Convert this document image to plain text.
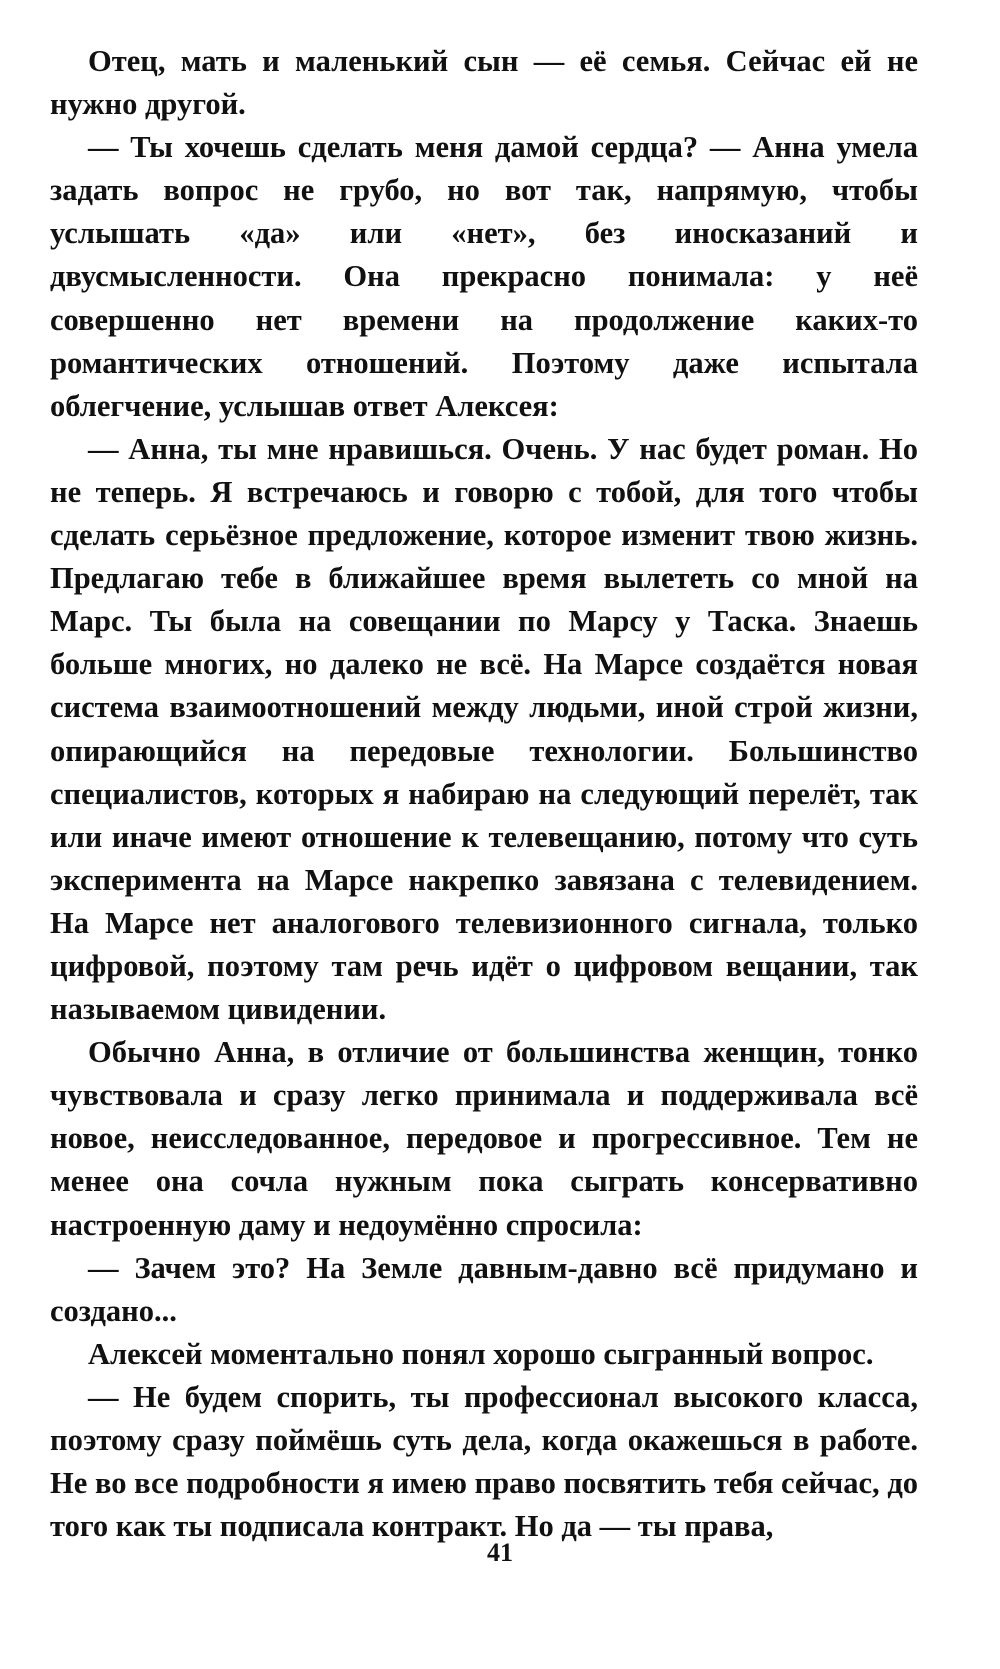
Отец, мать и маленький сын — её семья. Сейчас ей не нужно другой.

— Ты хочешь сделать меня дамой сердца? — Анна умела задать вопрос не грубо, но вот так, напрямую, чтобы услышать «да» или «нет», без иносказаний и двусмысленности. Она прекрасно понимала: у неё совершенно нет времени на продолжение каких-то романтических отношений. Поэтому даже испытала облегчение, услышав ответ Алексея:

— Анна, ты мне нравишься. Очень. У нас будет роман. Но не теперь. Я встречаюсь и говорю с тобой, для того чтобы сделать серьёзное предложение, которое изменит твою жизнь. Предлагаю тебе в ближайшее время вылететь со мной на Марс. Ты была на совещании по Марсу у Таска. Знаешь больше многих, но далеко не всё. На Марсе создаётся новая система взаимоотношений между людьми, иной строй жизни, опирающийся на передовые технологии. Большинство специалистов, которых я набираю на следующий перелёт, так или иначе имеют отношение к телевещанию, потому что суть эксперимента на Марсе накрепко завязана с телевидением. На Марсе нет аналогового телевизионного сигнала, только цифровой, поэтому там речь идёт о цифровом вещании, так называемом цивидении.

Обычно Анна, в отличие от большинства женщин, тонко чувствовала и сразу легко принимала и поддерживала всё новое, неисследованное, передовое и прогрессивное. Тем не менее она сочла нужным пока сыграть консервативно настроенную даму и недоумённо спросила:

— Зачем это? На Земле давным-давно всё придумано и создано...

Алексей моментально понял хорошо сыгранный вопрос.

— Не будем спорить, ты профессионал высокого класса, поэтому сразу поймёшь суть дела, когда окажешься в работе. Не во все подробности я имею право посвятить тебя сейчас, до того как ты подписала контракт. Но да — ты права,

41
